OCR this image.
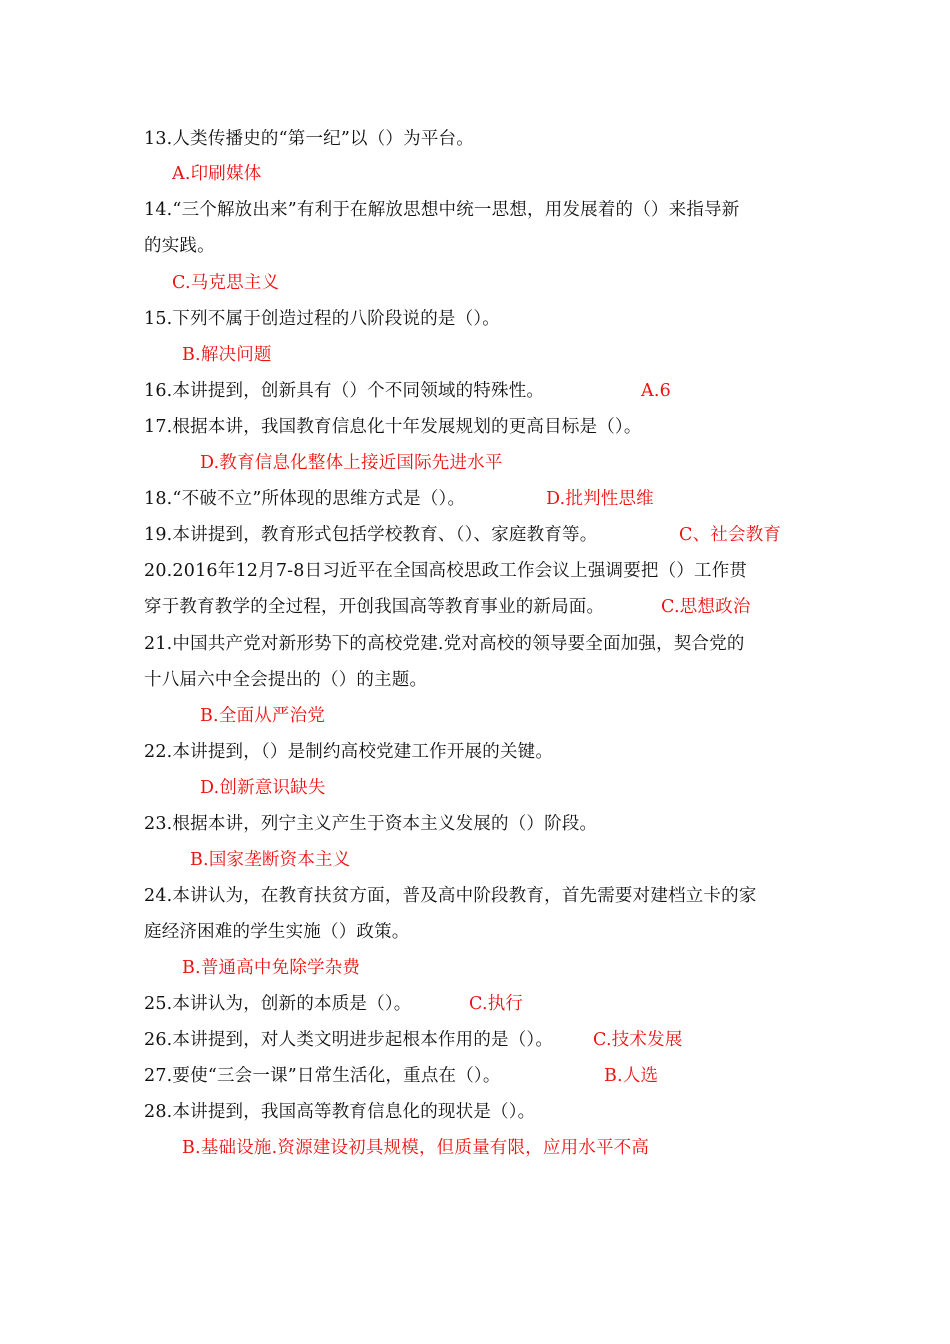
13.人类传播史的“第一纪”以（）为平台。
A.印刷媒体
14.“三个解放出来”有利于在解放思想中统一思想，用发展着的（）来指导新
的实践。
C.马克思主义
15.下列不属于创造过程的八阶段说的是（）。
B.解决问题
16.本讲提到，创新具有（）个不同领域的特殊性。	A.6
17.根据本讲，我国教育信息化十年发展规划的更高目标是（）。
D.教育信息化整体上接近国际先进水平
18.“不破不立”所体现的思维方式是（）。	D.批判性思维
19.本讲提到，教育形式包括学校教育、（）、家庭教育等。	C、社会教育
20.2016年12月7-8日习近平在全国高校思政工作会议上强调要把（）工作贯
穿于教育教学的全过程，开创我国高等教育事业的新局面。	C.思想政治
21.中国共产党对新形势下的高校党建.党对高校的领导要全面加强，契合党的
十八届六中全会提出的（）的主题。
B.全面从严治党
22.本讲提到，（）是制约高校党建工作开展的关键。
D.创新意识缺失
23.根据本讲，列宁主义产生于资本主义发展的（）阶段。
B.国家垄断资本主义
24.本讲认为，在教育扶贫方面，普及高中阶段教育，首先需要对建档立卡的家
庭经济困难的学生实施（）政策。
B.普通高中免除学杂费
25.本讲认为，创新的本质是（）。	C.执行
26.本讲提到，对人类文明进步起根本作用的是（）。 C.技术发展
27.要使“三会一课”日常生活化，重点在（）。	B.人选
28.本讲提到，我国高等教育信息化的现状是（）。
B.基础设施.资源建设初具规模，但质量有限，应用水平不高
